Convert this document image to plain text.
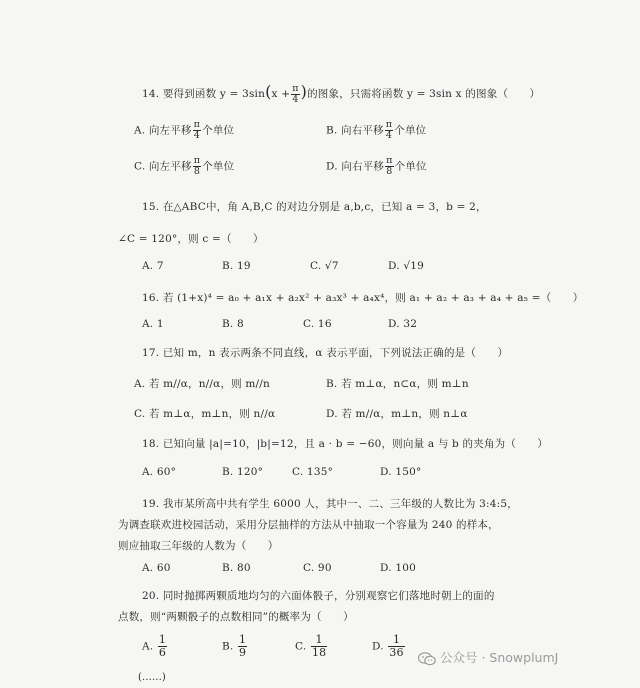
14. 要得到函数 $y = 3\sin(x + \frac{\pi}{4}$ )的图象，只需将函数 y = 3sin x 的图象（　　）
A. 向左平移 $\frac{\pi}{4}$ 个单位	B. 向右平移 $\frac{\pi}{4}$ 个单位
C. 向左平移 $\frac{\pi}{8}$ 个单位	D. 向右平移 $\frac{\pi}{8}$ 个单位
15. 在△ABC中，角 A,B,C 的对边分别是 a,b,c，已知 a = 3，b = 2，
∠C = 120°，则 c =（　　）
A. 7	B. 19	C. √7	D. √19
16. 若 (1+x)⁴ = a₀ + a₁x + a₂x² + a₃x³ + a₄x⁴，则 a₁ + a₂ + a₃ + a₄ + a₅ =（　　）
A. 1	B. 8	C. 16	D. 32
17. 已知 m，n 表示两条不同直线，α 表示平面，下列说法正确的是（　　）
A. 若 m//α，n//α，则 m//n	B. 若 m⊥α，n⊂α，则 m⊥n
C. 若 m⊥α，m⊥n，则 n//α	D. 若 m//α，m⊥n，则 n⊥α
18. 已知向量 |a|=10，|b|=12，且 a · b = −60，则向量 a 与 b 的夹角为（　　）
A. 60°	B. 120°	C. 135°	D. 150°
19. 我市某所高中共有学生 6000 人，其中一、二、三年级的人数比为 3:4:5，
为调查联欢进校园活动，采用分层抽样的方法从中抽取一个容量为 240 的样本，
则应抽取三年级的人数为（　　）
A. 60	B. 80	C. 90	D. 100
20. 同时抛掷两颗质地均匀的六面体骰子，分别观察它们落地时朝上的面的
点数，则“两颗骰子的点数相同”的概率为（　　）
A. $\frac{1}{6}$	B. $\frac{1}{9}$	C. $\frac{1}{18}$	D. $\frac{1}{36}$
(……)
公众号 · SnowplumJ
